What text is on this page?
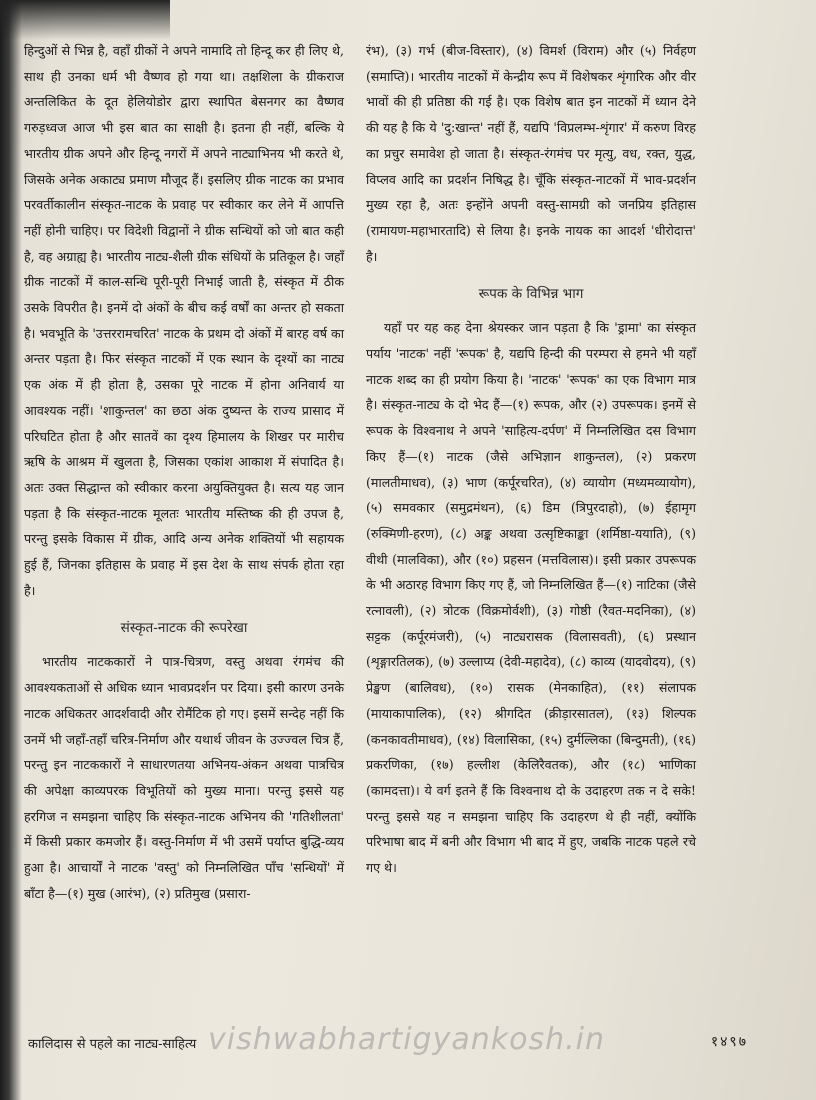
हिन्दुओं से भिन्न है, वहाँ ग्रीकों ने अपने नामादि तो हिन्दू कर ही लिए थे, साथ ही उनका धर्म भी वैष्णव हो गया था। तक्षशिला के ग्रीकराज अन्तलिकित के दूत हेलियोडोर द्वारा स्थापित बेसनगर का वैष्णव गरुड़ध्वज आज भी इस बात का साक्षी है। इतना ही नहीं, बल्कि ये भारतीय ग्रीक अपने और हिन्दू नगरों में अपने नाट्याभिनय भी करते थे, जिसके अनेक अकाट्य प्रमाण मौजूद हैं। इसलिए ग्रीक नाटक का प्रभाव परवर्तीकालीन संस्कृत-नाटक के प्रवाह पर स्वीकार कर लेने में आपत्ति नहीं होनी चाहिए। पर विदेशी विद्वानों ने ग्रीक सन्धियों को जो बात कही है, वह अग्राह्य है। भारतीय नाट्य-शैली ग्रीक संधियों के प्रतिकूल है। जहाँ ग्रीक नाटकों में काल-सन्धि पूरी-पूरी निभाई जाती है, संस्कृत में ठीक उसके विपरीत है। इनमें दो अंकों के बीच कई वर्षों का अन्तर हो सकता है। भवभूति के 'उत्तररामचरित' नाटक के प्रथम दो अंकों में बारह वर्ष का अन्तर पड़ता है। फिर संस्कृत नाटकों में एक स्थान के दृश्यों का नाट्य एक अंक में ही होता है, उसका पूरे नाटक में होना अनिवार्य या आवश्यक नहीं। 'शाकुन्तल' का छठा अंक दुष्यन्त के राज्य प्रासाद में परिघटित होता है और सातवें का दृश्य हिमालय के शिखर पर मारीच ऋषि के आश्रम में खुलता है, जिसका एकांश आकाश में संपादित है। अतः उक्त सिद्धान्त को स्वीकार करना अयुक्तियुक्त है। सत्य यह जान पड़ता है कि संस्कृत-नाटक मूलतः भारतीय मस्तिष्क की ही उपज है, परन्तु इसके विकास में ग्रीक, आदि अन्य अनेक शक्तियों भी सहायक हुई हैं, जिनका इतिहास के प्रवाह में इस देश के साथ संपर्क होता रहा है।

संस्कृत-नाटक की रूपरेखा

भारतीय नाटककारों ने पात्र-चित्रण, वस्तु अथवा रंगमंच की आवश्यकताओं से अधिक ध्यान भावप्रदर्शन पर दिया। इसी कारण उनके नाटक अधिकतर आदर्शवादी और रोमैंटिक हो गए। इसमें सन्देह नहीं कि उनमें भी जहाँ-तहाँ चरित्र-निर्माण और यथार्थ जीवन के उज्ज्वल चित्र हैं, परन्तु इन नाटककारों ने साधारणतया अभिनय-अंकन अथवा पात्रचित्र की अपेक्षा काव्यपरक विभूतियों को मुख्य माना। परन्तु इससे यह हरगिज न समझना चाहिए कि संस्कृत-नाटक अभिनय की 'गतिशीलता' में किसी प्रकार कमजोर हैं। वस्तु-निर्माण में भी उसमें पर्याप्त बुद्धि-व्यय हुआ है। आचार्यों ने नाटक 'वस्तु' को निम्नलिखित पाँच 'सन्धियों' में बाँटा है—(१) मुख (आरंभ), (२) प्रतिमुख (प्रसारा-

रंभ), (३) गर्भ (बीज-विस्तार), (४) विमर्श (विराम) और (५) निर्वहण (समाप्ति)। भारतीय नाटकों में केन्द्रीय रूप में विशेषकर शृंगारिक और वीर भावों की ही प्रतिष्ठा की गई है। एक विशेष बात इन नाटकों में ध्यान देने की यह है कि ये 'दु:खान्त' नहीं हैं, यद्यपि 'विप्रलम्भ-शृंगार' में करुण विरह का प्रचुर समावेश हो जाता है। संस्कृत-रंगमंच पर मृत्यु, वध, रक्त, युद्ध, विप्लव आदि का प्रदर्शन निषिद्ध है। चूँकि संस्कृत-नाटकों में भाव-प्रदर्शन मुख्य रहा है, अतः इन्होंने अपनी वस्तु-सामग्री को जनप्रिय इतिहास (रामायण-महाभारतादि) से लिया है। इनके नायक का आदर्श 'धीरोदात्त' है।

रूपक के विभिन्न भाग

यहाँ पर यह कह देना श्रेयस्कर जान पड़ता है कि 'ड्रामा' का संस्कृत पर्याय 'नाटक' नहीं 'रूपक' है, यद्यपि हिन्दी की परम्परा से हमने भी यहाँ नाटक शब्द का ही प्रयोग किया है। 'नाटक' 'रूपक' का एक विभाग मात्र है। संस्कृत-नाट्य के दो भेद हैं—(१) रूपक, और (२) उपरूपक। इनमें से रूपक के विश्वनाथ ने अपने 'साहित्य-दर्पण' में निम्नलिखित दस विभाग किए हैं—(१) नाटक (जैसे अभिज्ञान शाकुन्तल), (२) प्रकरण (मालतीमाधव), (३) भाण (कर्पूरचरित), (४) व्यायोग (मध्यमव्यायोग), (५) समवकार (समुद्रमंथन), (६) डिम (त्रिपुरदाहो), (७) ईहामृग (रुक्मिणी-हरण), (८) अङ्क अथवा उत्सृष्टिकाङ्का (शर्मिष्ठा-ययाति), (९) वीथी (मालविका), और (१०) प्रहसन (मत्तविलास)। इसी प्रकार उपरूपक के भी अठारह विभाग किए गए हैं, जो निम्नलिखित हैं—(१) नाटिका (जैसे रत्नावली), (२) त्रोटक (विक्रमोर्वशी), (३) गोष्ठी (रैवत-मदनिका), (४) सट्टक (कर्पूरमंजरी), (५) नाट्यरासक (विलासवती), (६) प्रस्थान (शृङ्गारतिलक), (७) उल्लाप्य (देवी-महादेव), (८) काव्य (यादवोदय), (९) प्रेङ्खण (बालिवध), (१०) रासक (मेनकाहित), (११) संलापक (मायाकापालिक), (१२) श्रीगदित (क्रीड़ारसातल), (१३) शिल्पक (कनकावतीमाधव), (१४) विलासिका, (१५) दुर्मल्लिका (बिन्दुमती), (१६) प्रकरणिका, (१७) हल्लीश (केलिरैवतक), और (१८) भाणिका (कामदत्ता)। ये वर्ग इतने हैं कि विश्वनाथ दो के उदाहरण तक न दे सके! परन्तु इससे यह न समझना चाहिए कि उदाहरण थे ही नहीं, क्योंकि परिभाषा बाद में बनी और विभाग भी बाद में हुए, जबकि नाटक पहले रचे गए थे।

कालिदास से पहले का नाट्य-साहित्य	१४९७
vishwabhartigyankosh.in
